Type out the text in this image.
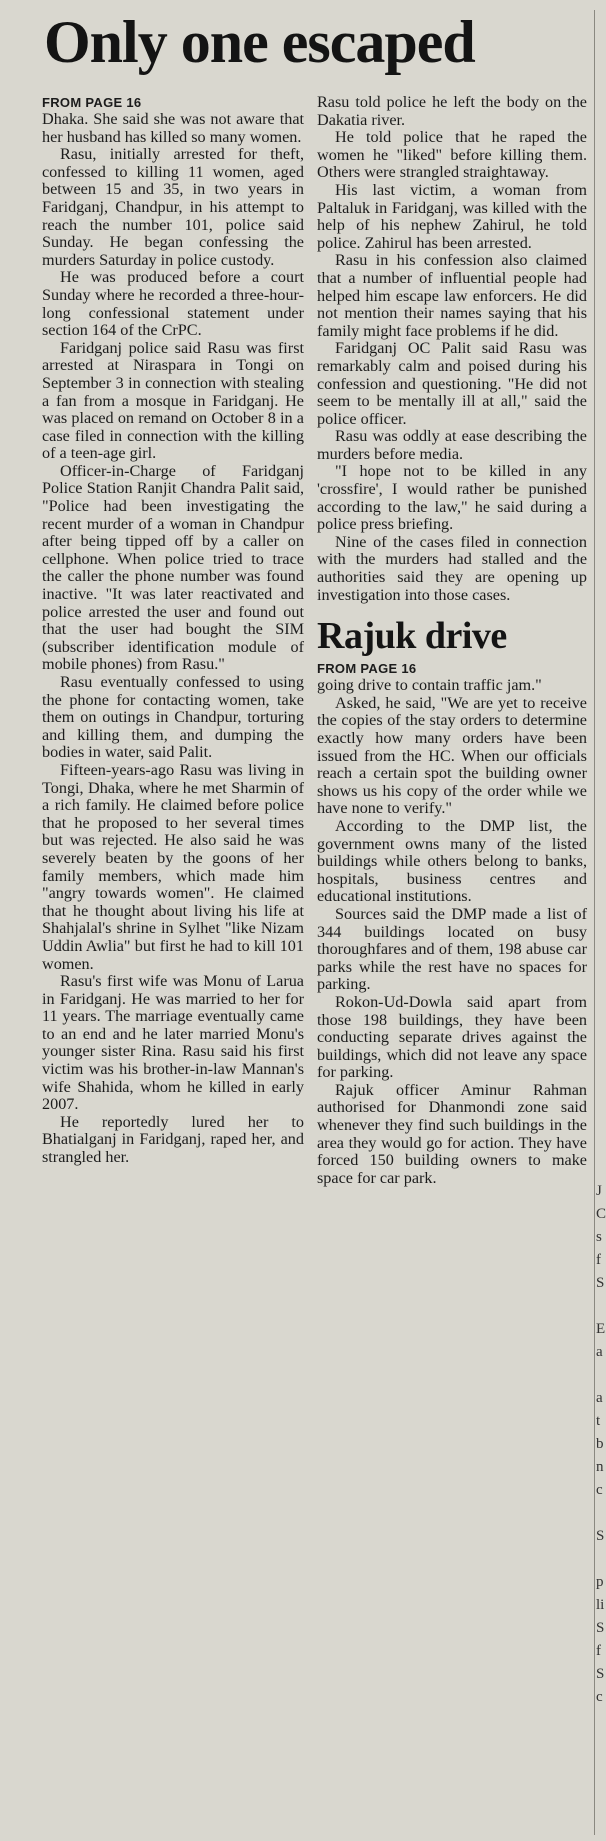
Only one escaped
FROM PAGE 16

Dhaka. She said she was not aware that her husband has killed so many women.

Rasu, initially arrested for theft, confessed to killing 11 women, aged between 15 and 35, in two years in Faridganj, Chandpur, in his attempt to reach the number 101, police said Sunday. He began confessing the murders Saturday in police custody.

He was produced before a court Sunday where he recorded a three-hour-long confessional statement under section 164 of the CrPC.

Faridganj police said Rasu was first arrested at Niraspara in Tongi on September 3 in connection with stealing a fan from a mosque in Faridganj. He was placed on remand on October 8 in a case filed in connection with the killing of a teen-age girl.

Officer-in-Charge of Faridganj Police Station Ranjit Chandra Palit said, "Police had been investigating the recent murder of a woman in Chandpur after being tipped off by a caller on cellphone. When police tried to trace the caller the phone number was found inactive. "It was later reactivated and police arrested the user and found out that the user had bought the SIM (subscriber identification module of mobile phones) from Rasu."

Rasu eventually confessed to using the phone for contacting women, take them on outings in Chandpur, torturing and killing them, and dumping the bodies in water, said Palit.

Fifteen-years-ago Rasu was living in Tongi, Dhaka, where he met Sharmin of a rich family. He claimed before police that he proposed to her several times but was rejected. He also said he was severely beaten by the goons of her family members, which made him "angry towards women". He claimed that he thought about living his life at Shahjalal's shrine in Sylhet "like Nizam Uddin Awlia" but first he had to kill 101 women.

Rasu's first wife was Monu of Larua in Faridganj. He was married to her for 11 years. The marriage eventually came to an end and he later married Monu's younger sister Rina. Rasu said his first victim was his brother-in-law Mannan's wife Shahida, whom he killed in early 2007.

He reportedly lured her to Bhatialganj in Faridganj, raped her, and strangled her.

Rasu told police he left the body on the Dakatia river.

He told police that he raped the women he "liked" before killing them. Others were strangled straightaway.

His last victim, a woman from Paltaluk in Faridganj, was killed with the help of his nephew Zahirul, he told police. Zahirul has been arrested.

Rasu in his confession also claimed that a number of influential people had helped him escape law enforcers. He did not mention their names saying that his family might face problems if he did.

Faridganj OC Palit said Rasu was remarkably calm and poised during his confession and questioning. "He did not seem to be mentally ill at all," said the police officer.

Rasu was oddly at ease describing the murders before media.

"I hope not to be killed in any 'crossfire', I would rather be punished according to the law," he said during a police press briefing.

Nine of the cases filed in connection with the murders had stalled and the authorities said they are opening up investigation into those cases.

Rajuk drive
FROM PAGE 16

going drive to contain traffic jam."

Asked, he said, "We are yet to receive the copies of the stay orders to determine exactly how many orders have been issued from the HC. When our officials reach a certain spot the building owner shows us his copy of the order while we have none to verify."

According to the DMP list, the government owns many of the listed buildings while others belong to banks, hospitals, business centres and educational institutions.

Sources said the DMP made a list of 344 buildings located on busy thoroughfares and of them, 198 abuse car parks while the rest have no spaces for parking.

Rokon-Ud-Dowla said apart from those 198 buildings, they have been conducting separate drives against the buildings, which did not leave any space for parking.

Rajuk officer Aminur Rahman authorised for Dhanmondi zone said whenever they find such buildings in the area they would go for action. They have forced 150 building owners to make space for car park.

J
C
s
f
S

E
a

a
t
b
n
c

S

p
li
S
f
S
c
